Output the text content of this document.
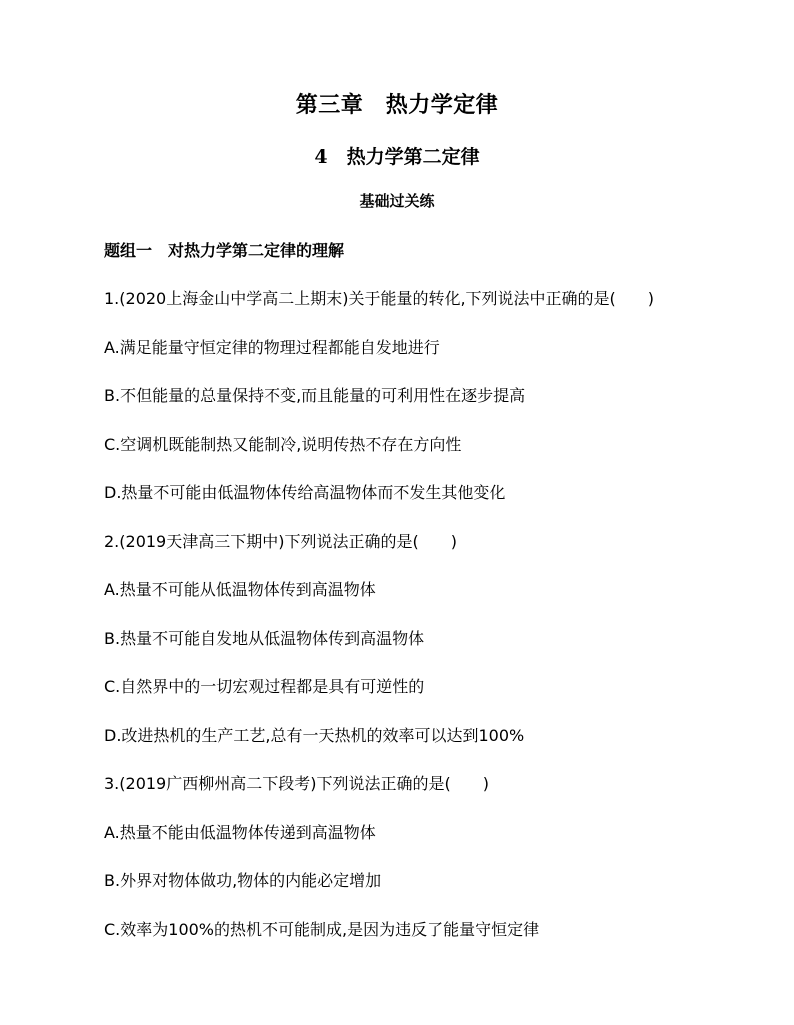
第三章　热力学定律
4　热力学第二定律
基础过关练
题组一　对热力学第二定律的理解
1.(2020上海金山中学高二上期末)关于能量的转化,下列说法中正确的是(　　)
A.满足能量守恒定律的物理过程都能自发地进行
B.不但能量的总量保持不变,而且能量的可利用性在逐步提高
C.空调机既能制热又能制冷,说明传热不存在方向性
D.热量不可能由低温物体传给高温物体而不发生其他变化
2.(2019天津高三下期中)下列说法正确的是(　　)
A.热量不可能从低温物体传到高温物体
B.热量不可能自发地从低温物体传到高温物体
C.自然界中的一切宏观过程都是具有可逆性的
D.改进热机的生产工艺,总有一天热机的效率可以达到100%
3.(2019广西柳州高二下段考)下列说法正确的是(　　)
A.热量不能由低温物体传递到高温物体
B.外界对物体做功,物体的内能必定增加
C.效率为100%的热机不可能制成,是因为违反了能量守恒定律
